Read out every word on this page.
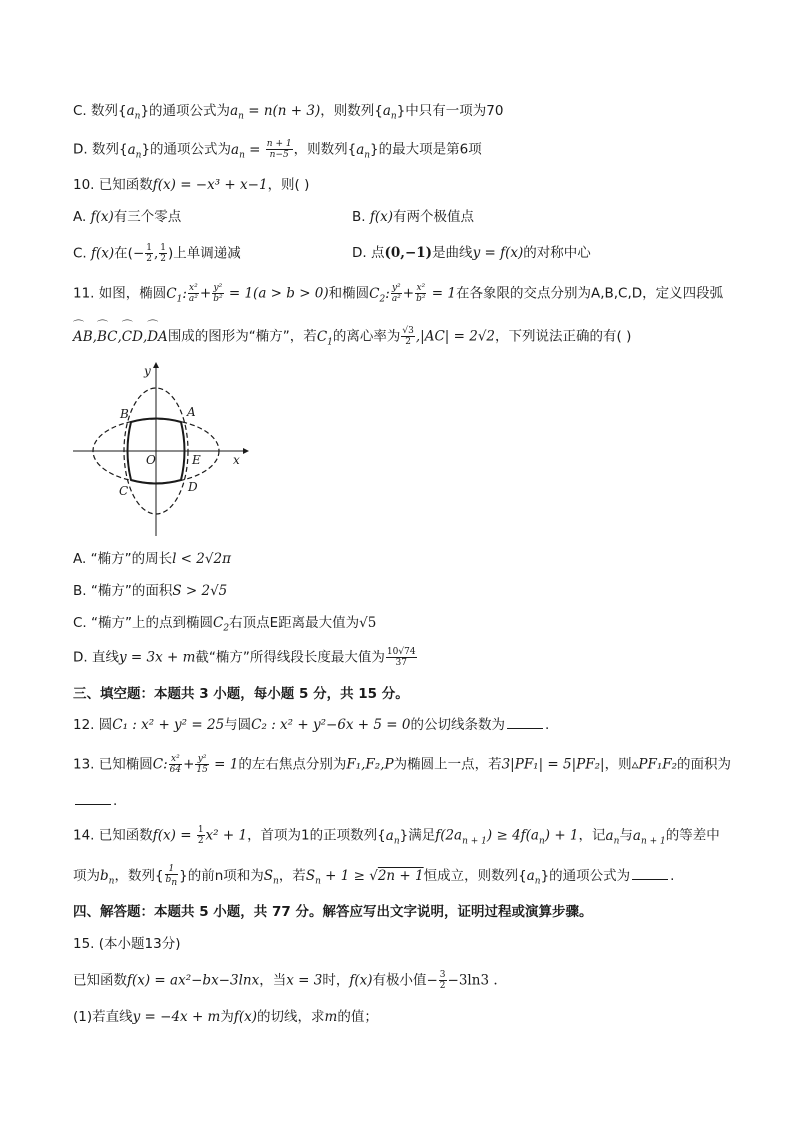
C. 数列$\{a_n\}$的通项公式为$a_n = n(n + 3)$，则数列$\{a_n\}$中只有一项为70
D. 数列$\{a_n\}$的通项公式为$a_n = \frac{n + 1}{n-5}$ ，则数列$\{a_n\}$的最大项是第6项
10. 已知函数f(x) = −x³ + x−1，则( )
A. f(x)有三个零点	B. f(x)有两个极值点
C. f(x)在(− $\frac{1}{2}$ , $\frac{1}{2}$ )上单调递减	D. 点(0,−1)是曲线y = f(x)的对称中心
11. 如图，椭圆$C_1$: $\frac{\text{x²}}{\text{a²}} + \frac{\text{y²}}{\text{b²}} = 1(a > b > 0)$和椭圆$C_2$: $\frac{\text{y²}}{\text{a²}} + \frac{\text{x²}}{\text{b²}} = 1$在各象限的交点分别为A,B,C,D，定义四段弧
⌒ AB,⌒ BC,⌒ CD,⌒ DA围成的图形为“椭方”，若$C_1$的离心率为 $\frac{√3}{2} ,|AC| = 2√2$，下列说法正确的有( )
y
x
O	E
A
B
C	D
A. “椭方”的周长l < 2√2π
B. “椭方”的面积S > 2√5
C. “椭方”上的点到椭圆$C_2$右顶点E距离最大值为√5
D. 直线y = 3x + m截“椭方”所得线段长度最大值为 $\frac{10√74}{37}$
三、填空题：本题共 3 小题，每小题 5 分，共 15 分。
12. 圆C₁ : x² + y² = 25与圆C₂ : x² + y²−6x + 5 = 0的公切线条数为	.
13. 已知椭圆C: $\frac{\text{x²}}{64} + \frac{\text{y²}}{15} = 1$的左右焦点分别为F₁,F₂,P为椭圆上一点，若3|PF₁| = 5|PF₂|，则▵PF₁F₂的面积为
.
14. 已知函数$f(x) = \frac{1}{2} x^2 + 1$，首项为1的正项数列$\{a_n\}$满足$f(2a_{n + 1}) \ge 4f(a_n) + 1$，记$a_n$与$a_{n + 1}$的等差中
项为$b_n$，数列{ $\frac{1}{b_n}$ }的前n项和为$S_n$，若$S_n + 1 \ge √2n + 1$恒成立，则数列$\{a_n\}$的通项公式为	.
四、解答题：本题共 5 小题，共 77 分。解答应写出文字说明，证明过程或演算步骤。
15. (本小题13分)
已知函数f(x) = ax²−bx−3lnx，当x = 3时，f(x)有极小值− $\frac{3}{2} -3\ln 3$ .
(1)若直线y = −4x + m为f(x)的切线，求m的值；
